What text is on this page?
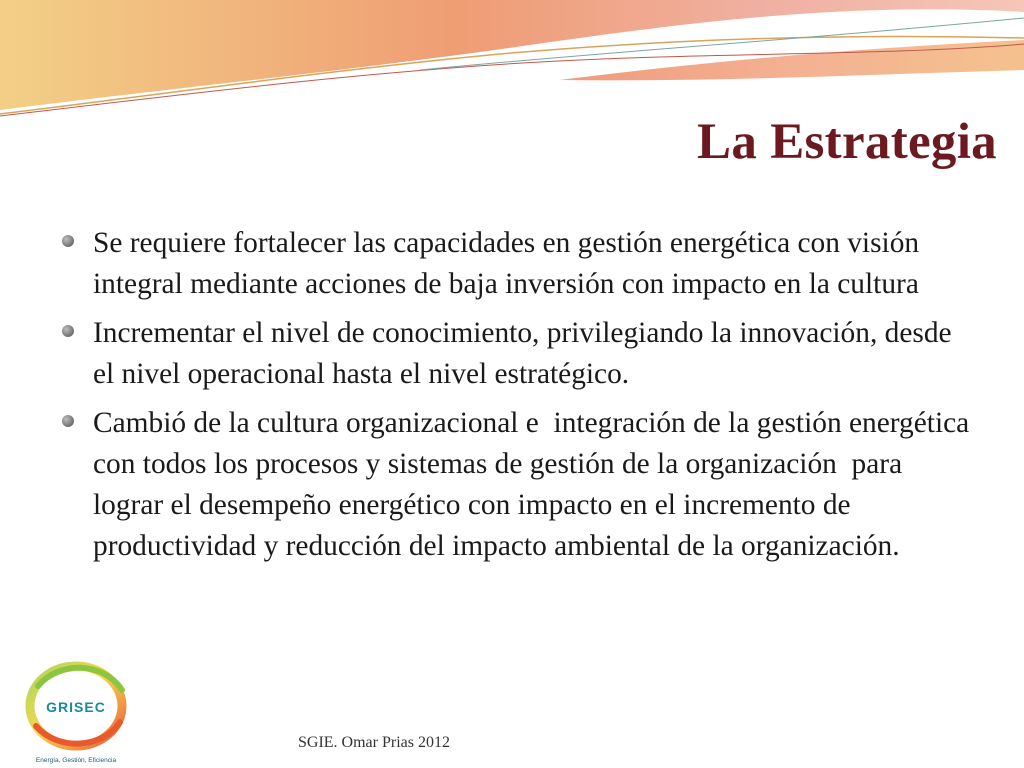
La Estrategia
Se requiere fortalecer las capacidades en gestión energética con visión integral mediante acciones de baja inversión con impacto en la cultura
Incrementar el nivel de conocimiento, privilegiando la innovación, desde el nivel operacional hasta el nivel estratégico.
Cambió de la cultura organizacional e  integración de la gestión energética con todos los procesos y sistemas de gestión de la organización  para lograr el desempeño energético con impacto en el incremento de productividad y reducción del impacto ambiental de la organización.
GRISEC
Energía, Gestión, Eficiencia
SGIE. Omar Prias 2012
